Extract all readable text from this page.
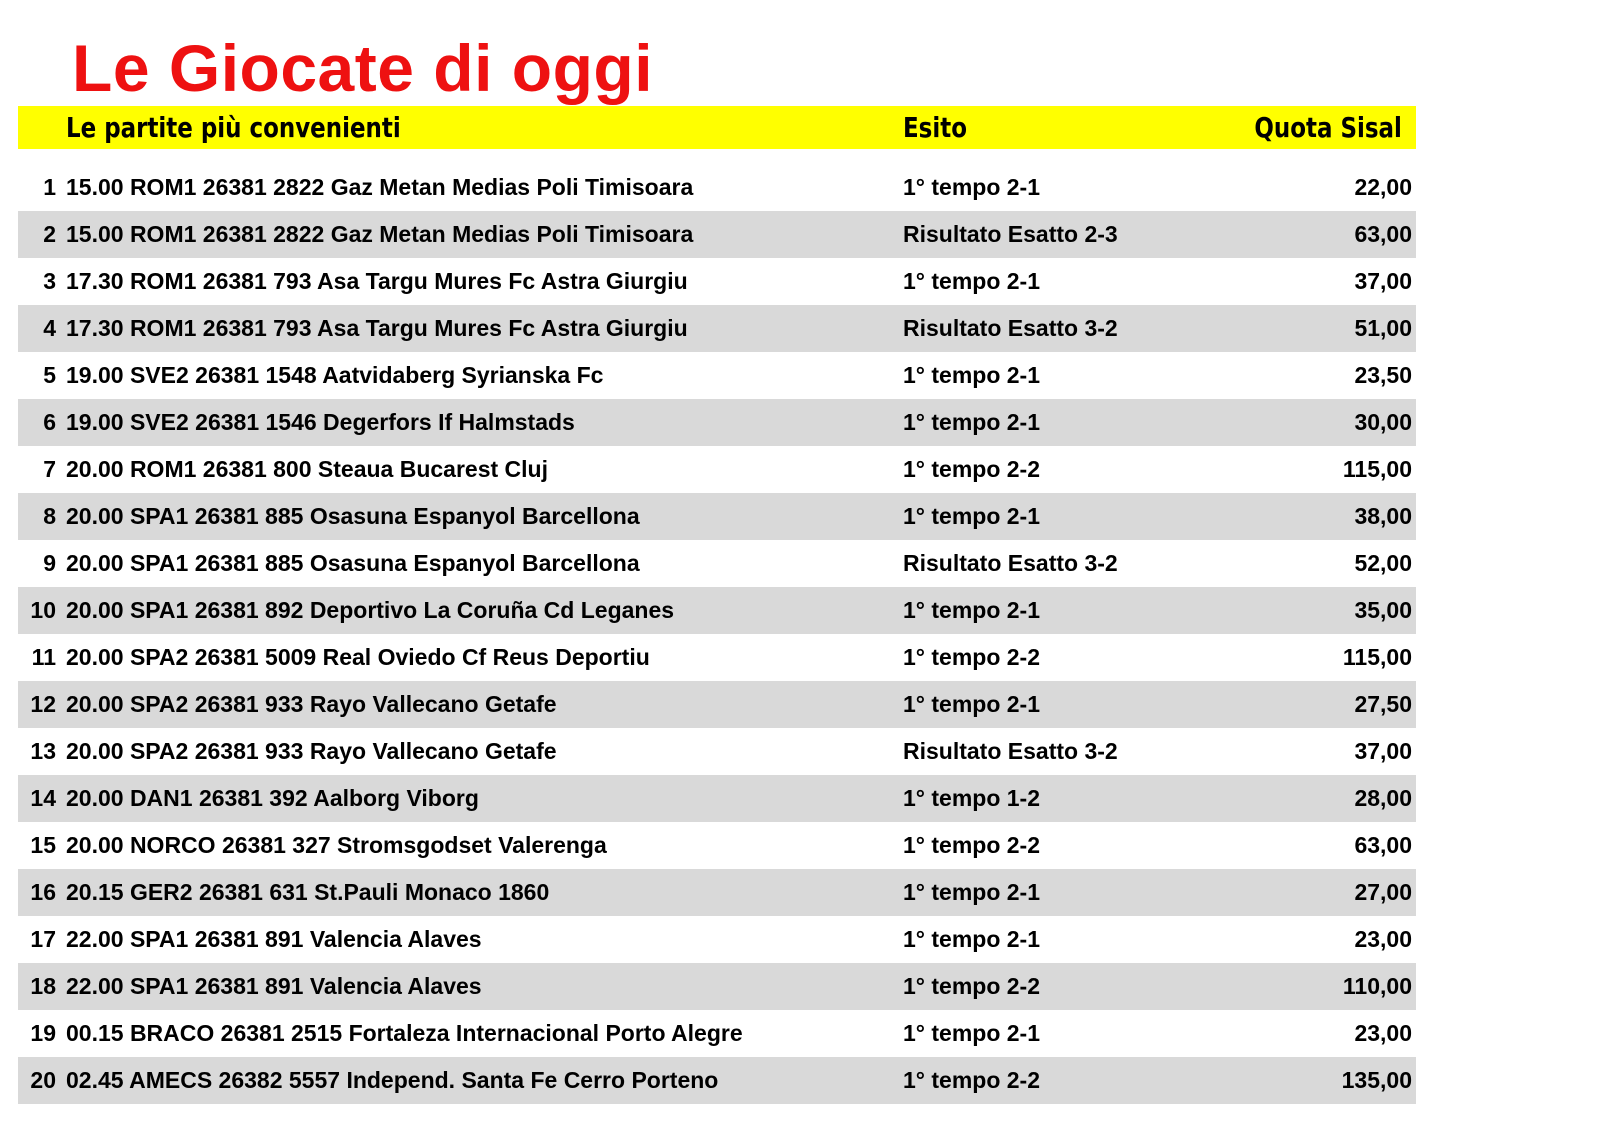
Le Giocate di oggi
Le partite più convenienti	Esito	Quota Sisal
1 15.00 ROM1 26381 2822 Gaz Metan Medias Poli Timisoara	1° tempo 2-1	22,00
2 15.00 ROM1 26381 2822 Gaz Metan Medias Poli Timisoara	Risultato Esatto 2-3	63,00
3 17.30 ROM1 26381 793 Asa Targu Mures Fc Astra Giurgiu	1° tempo 2-1	37,00
4 17.30 ROM1 26381 793 Asa Targu Mures Fc Astra Giurgiu	Risultato Esatto 3-2	51,00
5 19.00 SVE2 26381 1548 Aatvidaberg Syrianska Fc	1° tempo 2-1	23,50
6 19.00 SVE2 26381 1546 Degerfors If Halmstads	1° tempo 2-1	30,00
7 20.00 ROM1 26381 800 Steaua Bucarest Cluj	1° tempo 2-2	115,00
8 20.00 SPA1 26381 885 Osasuna Espanyol Barcellona	1° tempo 2-1	38,00
9 20.00 SPA1 26381 885 Osasuna Espanyol Barcellona	Risultato Esatto 3-2	52,00
10 20.00 SPA1 26381 892 Deportivo La Coruña Cd Leganes	1° tempo 2-1	35,00
11 20.00 SPA2 26381 5009 Real Oviedo Cf Reus Deportiu	1° tempo 2-2	115,00
12 20.00 SPA2 26381 933 Rayo Vallecano Getafe	1° tempo 2-1	27,50
13 20.00 SPA2 26381 933 Rayo Vallecano Getafe	Risultato Esatto 3-2	37,00
14 20.00 DAN1 26381 392 Aalborg Viborg	1° tempo 1-2	28,00
15 20.00 NORCO 26381 327 Stromsgodset Valerenga	1° tempo 2-2	63,00
16 20.15 GER2 26381 631 St.Pauli Monaco 1860	1° tempo 2-1	27,00
17 22.00 SPA1 26381 891 Valencia Alaves	1° tempo 2-1	23,00
18 22.00 SPA1 26381 891 Valencia Alaves	1° tempo 2-2	110,00
19 00.15 BRACO 26381 2515 Fortaleza Internacional Porto Alegre	1° tempo 2-1	23,00
20 02.45 AMECS 26382 5557 Independ. Santa Fe Cerro Porteno	1° tempo 2-2	135,00
